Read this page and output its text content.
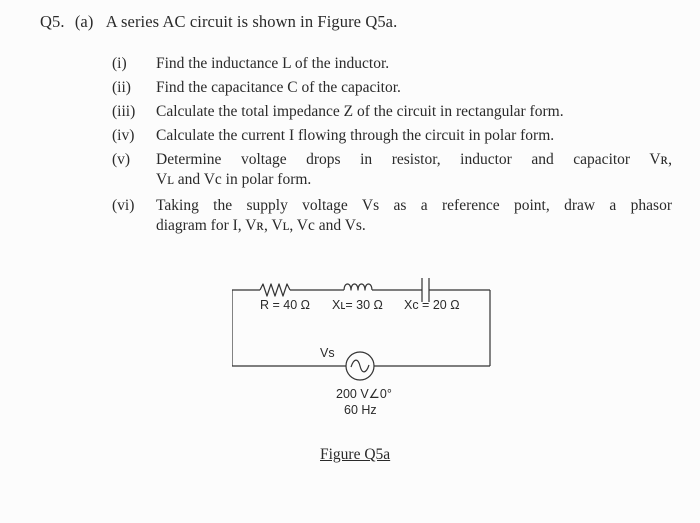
Q5. (a) A series AC circuit is shown in Figure Q5a.
(i) Find the inductance L of the inductor.
(ii) Find the capacitance C of the capacitor.
(iii) Calculate the total impedance Z of the circuit in rectangular form.
(iv) Calculate the current I flowing through the circuit in polar form.
(v) Determine voltage drops in resistor, inductor and capacitor Vʀ,
Vʟ and Vc in polar form.
(vi) Taking the supply voltage Vs as a reference point, draw a phasor
diagram for I, Vʀ, Vʟ, Vc and Vs.
R = 40 Ω Xʟ= 30 Ω Xc = 20 Ω
Vs
200 V∠0°
60 Hz
Figure Q5a
